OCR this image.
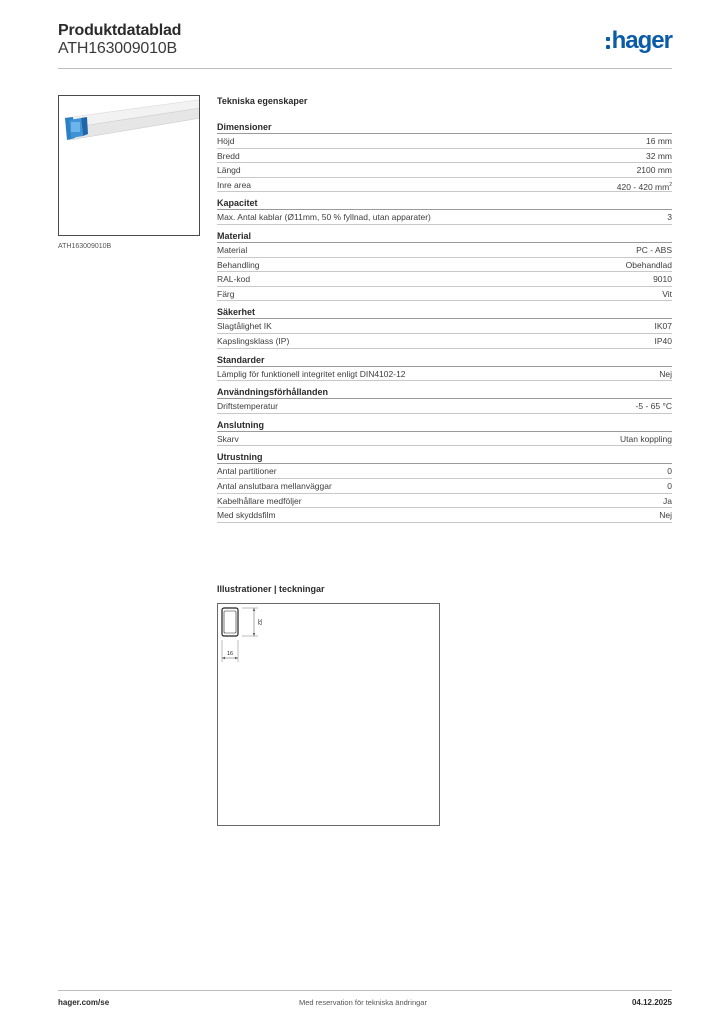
Produktdatablad
ATH163009010B	hager
ATH163009010B
Tekniska egenskaper
Dimensioner
Höjd	16 mm
Bredd	32 mm
Längd	2100 mm
Inre area	420 - 420 $mm^2$
Kapacitet
Max. Antal kablar (Ø11mm, 50 % fyllnad, utan apparater)	3
Material
Material	PC - ABS
Behandling	Obehandlad
RAL-kod	9010
Färg	Vit
Säkerhet
Slagtålighet IK	IK07
Kapslingsklass (IP)	IP40
Standarder
Lämplig för funktionell integritet enligt DIN4102-12	Nej
Användningsförhållanden
Driftstemperatur	-5 - 65 °C
Anslutning
Skarv	Utan koppling
Utrustning
Antal partitioner	0
Antal anslutbara mellanväggar	0
Kabelhållare medföljer	Ja
Med skyddsfilm	Nej
Illustrationer | teckningar
32
16
hager.com/se	Med reservation för tekniska ändringar	04.12.2025
